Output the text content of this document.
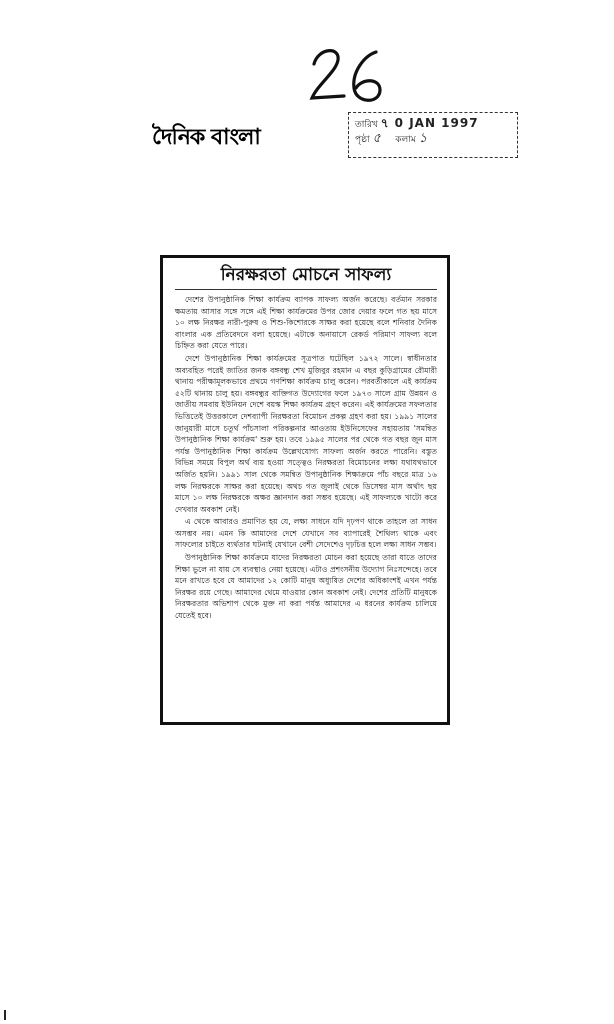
দৈনিক বাংলা	তারিখ ৭ 0 JAN 1997
পৃষ্ঠা ৫ কলাম ১
নিরক্ষরতা মোচনে সাফল্য

দেশের উপানুষ্ঠানিক শিক্ষা কার্যক্রম ব্যাপক সাফল্য অর্জন করেছে। বর্তমান সরকার ক্ষমতায় আসার সঙ্গে সঙ্গে এই শিক্ষা কার্যক্রমের উপর জোর দেয়ার ফলে গত ছয় মাসে ১০ লক্ষ নিরক্ষর নারী-পুরুষ ও শিশু-কিশোরকে সাক্ষর করা হয়েছে বলে শনিবার দৈনিক বাংলার এক প্রতিবেদনে বলা হয়েছে। এটাকে অনায়াসে রেকর্ড পরিমাণ সাফল্য বলে চিহ্নিত করা যেতে পারে।

দেশে উপানুষ্ঠানিক শিক্ষা কার্যক্রমের সূত্রপাত ঘটেছিল ১৯৭২ সালে। স্বাধীনতার অব্যবহিত পরেই জাতির জনক বঙ্গবন্ধু শেখ মুজিবুর রহমান এ বছর কুড়িগ্রামের রৌমারী থানায় পরীক্ষামূলকভাবে প্রথমে গণশিক্ষা কার্যক্রম চালু করেন। পরবর্তীকালে এই কার্যক্রম ৫২টি থানায় চালু হয়। বঙ্গবন্ধুর ব্যক্তিগত উদ্যোগের ফলে ১৯৭৩ সালে গ্রাম উন্নয়ন ও জাতীয় সমবায় ইউনিয়ন দেশে বয়স্ক শিক্ষা কার্যক্রম গ্রহণ করেন। এই কার্যক্রমের সফলতার ভিত্তিতেই উত্তরকালে দেশব্যাপী নিরক্ষরতা বিমোচন প্রকল্প গ্রহণ করা হয়। ১৯৯১ সালের জানুয়ারী মাসে চতুর্থ পাঁচসালা পরিকল্পনার আওতায় ইউনিসেফের সহায়তায় 'সমন্বিত উপানুষ্ঠানিক শিক্ষা কার্যক্রম' শুরু হয়। তবে ১৯৯৫ সালের পর থেকে গত বছর জুন মাস পর্যন্ত উপানুষ্ঠানিক শিক্ষা কার্যক্রম উল্লেখযোগ্য সাফল্য অর্জন করতে পারেনি। বস্তুত বিভিন্ন সময়ে বিপুল অর্থ ব্যয় হওয়া সত্ত্বেও নিরক্ষরতা বিমোচনের লক্ষ্য যথাযথভাবে অর্জিত হয়নি। ১৯৯১ সাল থেকে সমন্বিত উপানুষ্ঠানিক শিক্ষাক্রমে পাঁচ বছরে মাত্র ১৬ লক্ষ নিরক্ষরকে সাক্ষর করা হয়েছে। অথচ গত জুলাই থেকে ডিসেম্বর মাস অর্থাৎ ছয় মাসে ১০ লক্ষ নিরক্ষরকে অক্ষর জ্ঞানদান করা সম্ভব হয়েছে। এই সাফল্যকে খাটো করে দেখবার অবকাশ নেই।

এ থেকে আবারও প্রমাণিত হয় যে, লক্ষ্য সাধনে যদি দৃঢ়পণ থাকে তাহলে তা সাধন অসম্ভব নয়। এমন কি আমাদের দেশে যেখানে সব ব্যাপারেই শৈথিল্য থাকে এবং সাফল্যের চাইতে ব্যর্থতার ঘটনাই যেখানে বেশী সেদেশেও দৃঢ়চিত্ত হলে লক্ষ্য সাধন সম্ভব।

উপানুষ্ঠানিক শিক্ষা কার্যক্রমে যাদের নিরক্ষরতা মোচন করা হয়েছে তারা যাতে তাদের শিক্ষা ভুলে না যায় সে ব্যবস্থাও নেয়া হয়েছে। এটাও প্রশংসনীয় উদ্যোগ নিঃসন্দেহে। তবে মনে রাখতে হবে যে আমাদের ১২ কোটি মানুষ অধ্যুষিত দেশের অধিকাংশই এখন পর্যন্ত নিরক্ষর রয়ে গেছে। আমাদের থেমে যাওয়ার কোন অবকাশ নেই। দেশের প্রতিটি মানুষকে নিরক্ষরতার অভিশাপ থেকে মুক্ত না করা পর্যন্ত আমাদের এ ধরনের কার্যক্রম চালিয়ে যেতেই হবে।
